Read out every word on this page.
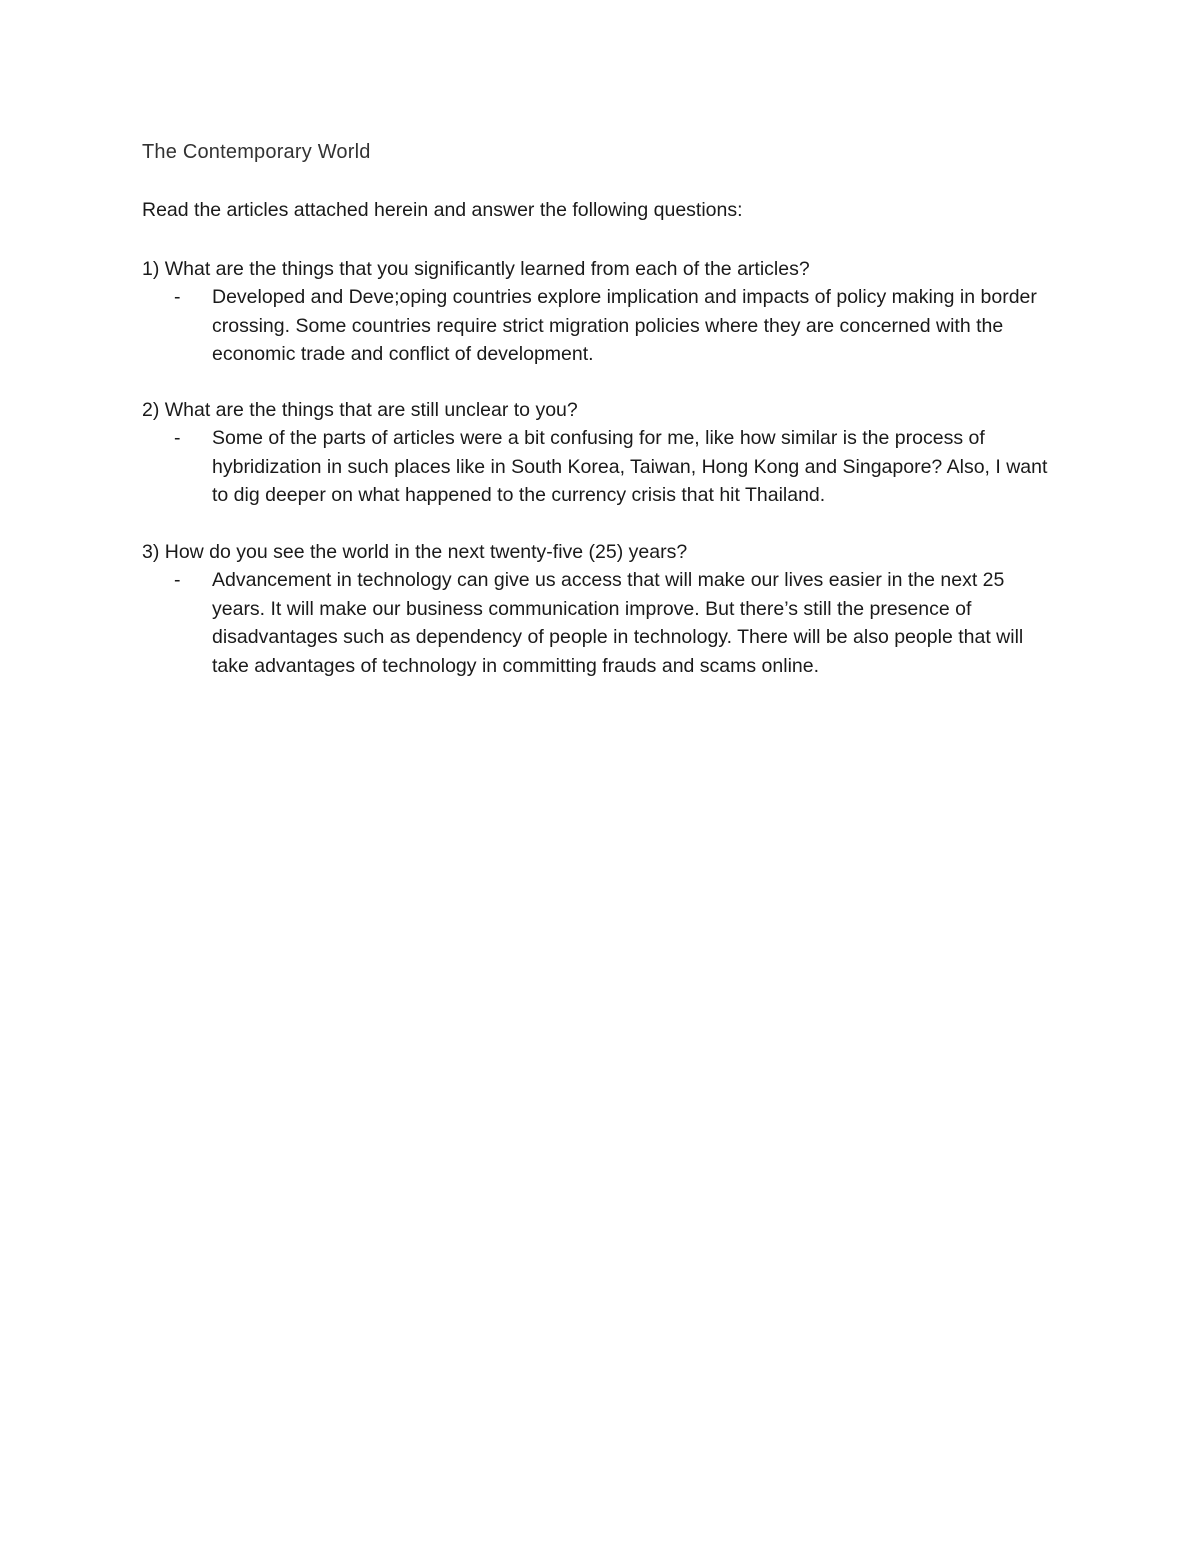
The Contemporary World

Read the articles attached herein and answer the following questions:

1) What are the things that you significantly learned from each of the articles?

- Developed and Deve;oping countries explore implication and impacts of policy making in border crossing. Some countries require strict migration policies where they are concerned with the economic trade and conflict of development.

2) What are the things that are still unclear to you?

- Some of the parts of articles were a bit confusing for me, like how similar is the process of hybridization in such places like in South Korea, Taiwan, Hong Kong and Singapore? Also, I want to dig deeper on what happened to the currency crisis that hit Thailand.

3) How do you see the world in the next twenty-five (25) years?

- Advancement in technology can give us access that will make our lives easier in the next 25 years. It will make our business communication improve. But there’s still the presence of disadvantages such as dependency of people in technology. There will be also people that will take advantages of technology in committing frauds and scams online.
